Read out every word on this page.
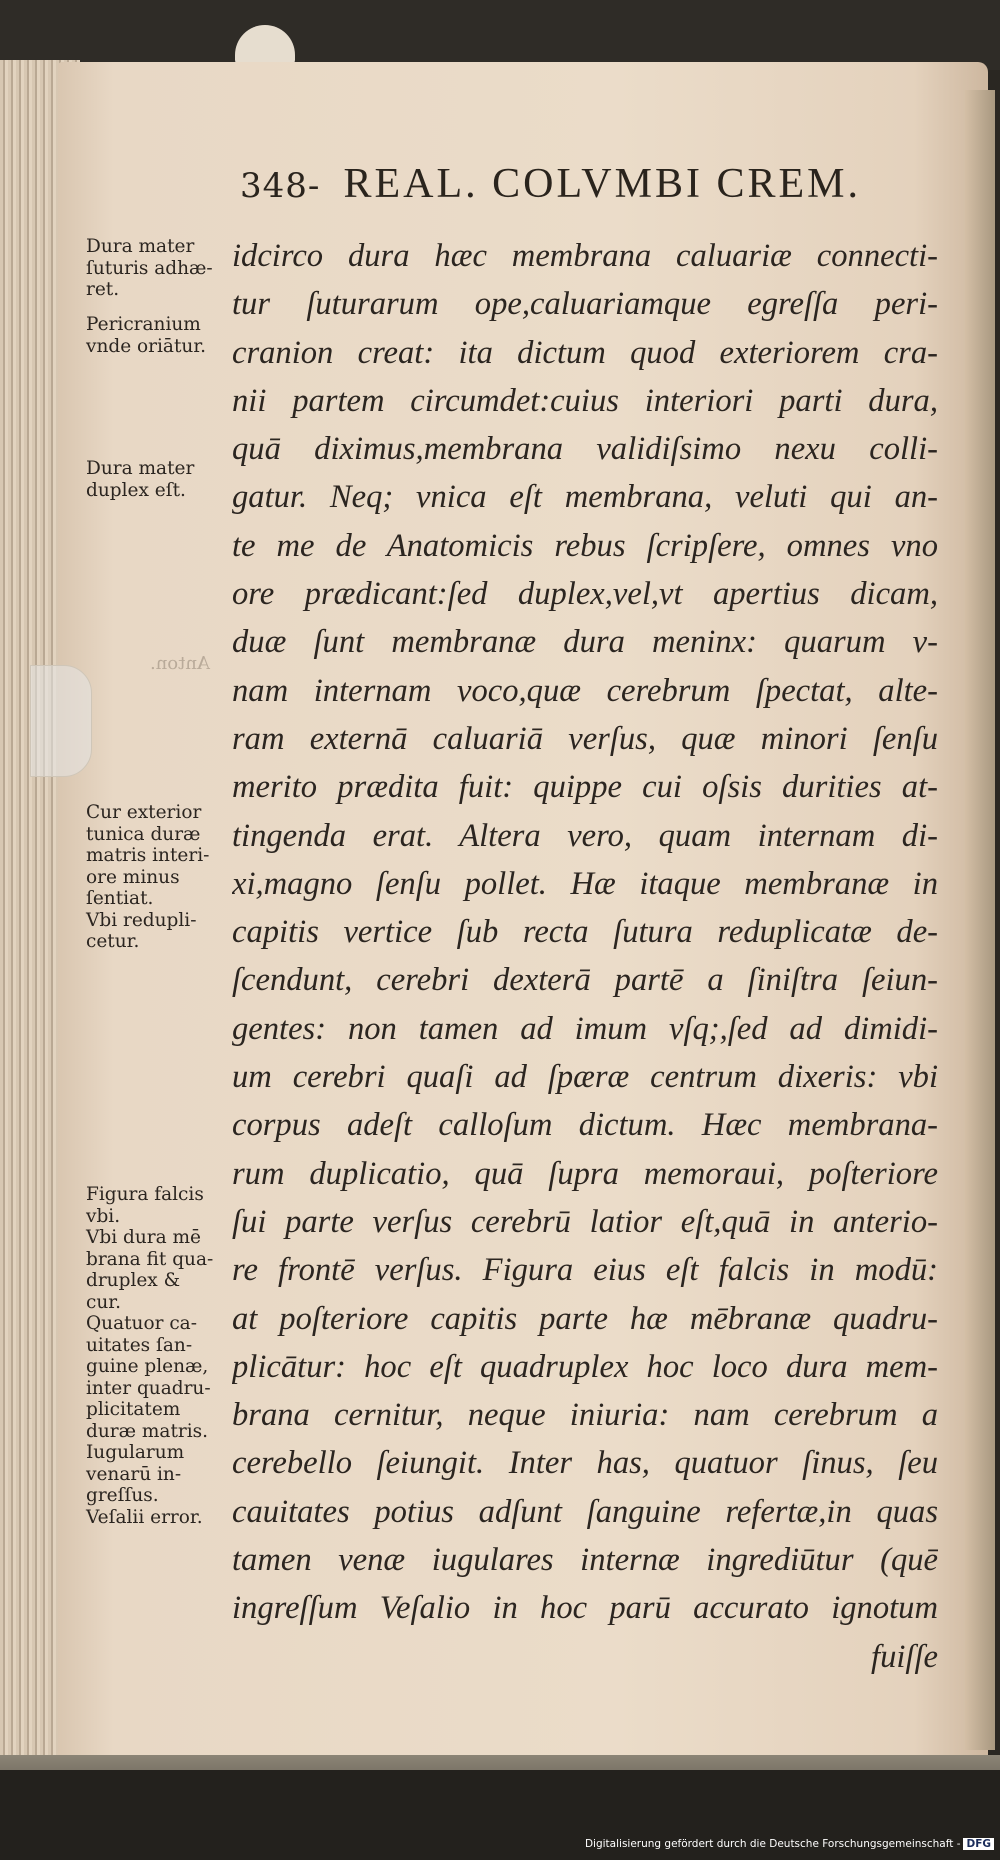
348- REAL. COLVMBI CREM.
Anton.
Dura mater
ſuturis adhæ-
ret.
Pericranium
vnde oriātur.
Dura mater
duplex eſt.
Cur exterior
tunica duræ
matris interi-
ore minus
ſentiat.
Vbi redupli-
cetur.
Figura falcis
vbi.
Vbi dura mē
brana fit qua-
druplex &
cur.
Quatuor ca-
uitates ſan-
guine plenæ,
inter quadru-
plicitatem
duræ matris.
Iugularum
venarū in-
greſſus.
Veſalii error.
idcirco dura hæc membrana caluariæ connecti-
tur ſuturarum ope,caluariamque egreſſa peri-
cranion creat: ita dictum quod exteriorem cra-
nii partem circumdet:cuius interiori parti dura,
quā diximus,membrana validiſsimo nexu colli-
gatur. Neq; vnica eſt membrana, veluti qui an-
te me de Anatomicis rebus ſcripſere, omnes vno
ore prædicant:ſed duplex,vel,vt apertius dicam,
duæ ſunt membranæ dura meninx: quarum v-
nam internam voco,quæ cerebrum ſpectat, alte-
ram externā caluariā verſus, quæ minori ſenſu
merito prædita fuit: quippe cui oſsis durities at-
tingenda erat. Altera vero, quam internam di-
xi,magno ſenſu pollet. Hæ itaque membranæ in
capitis vertice ſub recta ſutura reduplicatæ de-
ſcendunt, cerebri dexterā partē a ſiniſtra ſeiun-
gentes: non tamen ad imum vſq;,ſed ad dimidi-
um cerebri quaſi ad ſpæræ centrum dixeris: vbi
corpus adeſt calloſum dictum. Hæc membrana-
rum duplicatio, quā ſupra memoraui, poſteriore
ſui parte verſus cerebrū latior eſt,quā in anterio-
re frontē verſus. Figura eius eſt falcis in modū:
at poſteriore capitis parte hæ mēbranæ quadru-
plicātur: hoc eſt quadruplex hoc loco dura mem-
brana cernitur, neque iniuria: nam cerebrum a
cerebello ſeiungit. Inter has, quatuor ſinus, ſeu
cauitates potius adſunt ſanguine refertæ,in quas
tamen venæ iugulares internæ ingrediūtur (quē
ingreſſum Veſalio in hoc parū accurato ignotum
fuiſſe
Digitalisierung gefördert durch die Deutsche Forschungsgemeinschaft - DFG
